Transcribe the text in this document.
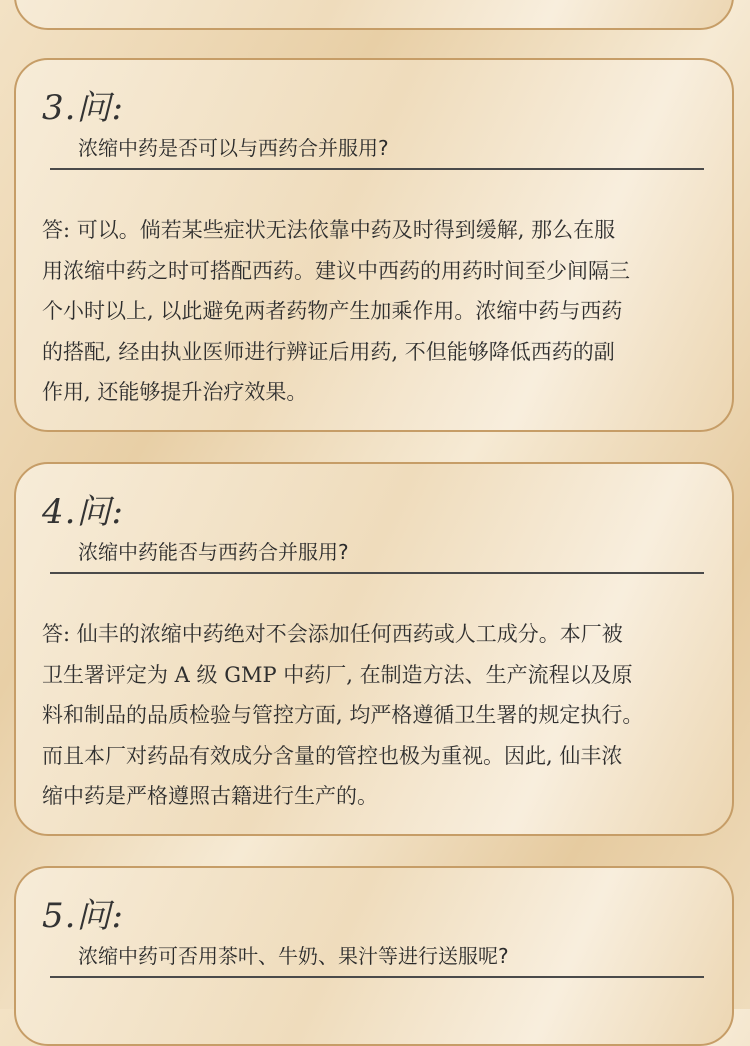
3.问:
浓缩中药是否可以与西药合并服用?
答: 可以。倘若某些症状无法依靠中药及时得到缓解, 那么在服
用浓缩中药之时可搭配西药。建议中西药的用药时间至少间隔三
个小时以上, 以此避免两者药物产生加乘作用。浓缩中药与西药
的搭配, 经由执业医师进行辨证后用药, 不但能够降低西药的副
作用, 还能够提升治疗效果。
4.问:
浓缩中药能否与西药合并服用?
答: 仙丰的浓缩中药绝对不会添加任何西药或人工成分。本厂被
卫生署评定为 A 级 GMP 中药厂, 在制造方法、生产流程以及原
料和制品的品质检验与管控方面, 均严格遵循卫生署的规定执行。
而且本厂对药品有效成分含量的管控也极为重视。因此, 仙丰浓
缩中药是严格遵照古籍进行生产的。
5.问:
浓缩中药可否用茶叶、牛奶、果汁等进行送服呢?
